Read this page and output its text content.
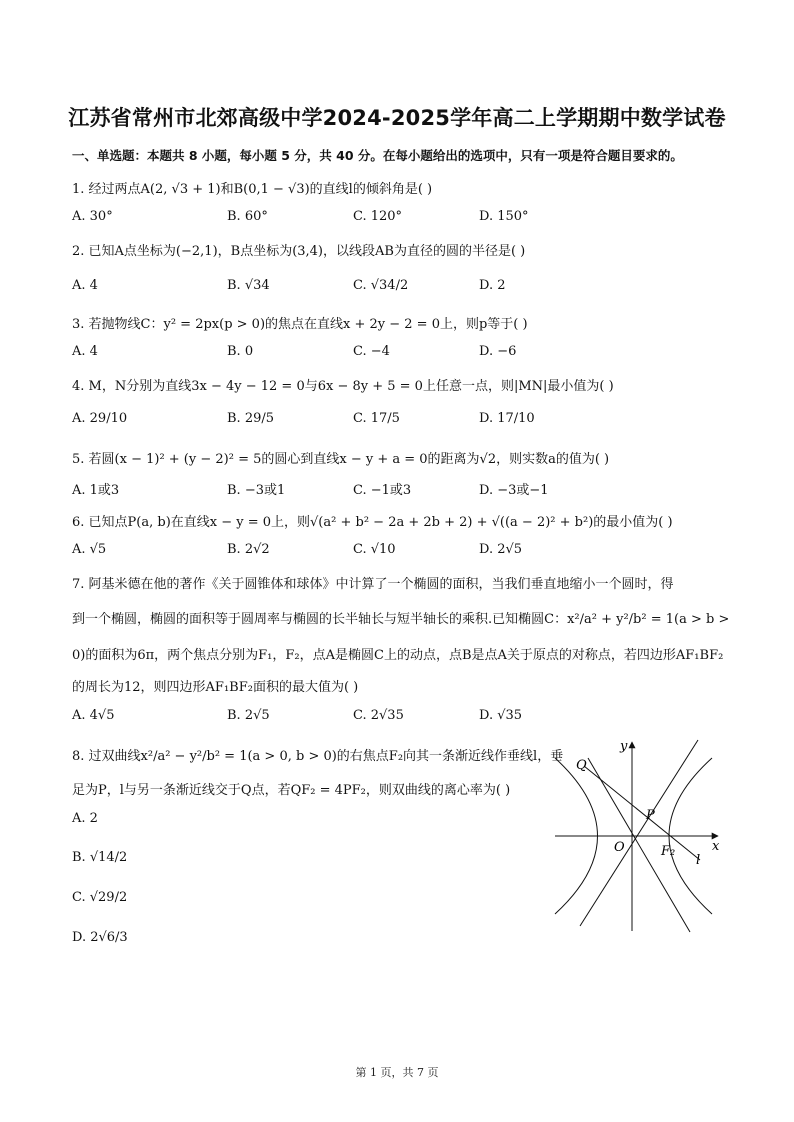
江苏省常州市北郊高级中学2024-2025学年高二上学期期中数学试卷
一、单选题：本题共 8 小题，每小题 5 分，共 40 分。在每小题给出的选项中，只有一项是符合题目要求的。
1. 经过两点A(2, √3 + 1)和B(0,1 − √3)的直线l的倾斜角是( )
A. 30°	B. 60°	C. 120°	D. 150°
2. 已知A点坐标为(−2,1)，B点坐标为(3,4)，以线段AB为直径的圆的半径是( )
A. 4	B. √34	C. √34/2	D. 2
3. 若抛物线C：y² = 2px(p > 0)的焦点在直线x + 2y − 2 = 0上，则p等于( )
A. 4	B. 0	C. −4	D. −6
4. M，N分别为直线3x − 4y − 12 = 0与6x − 8y + 5 = 0上任意一点，则|MN|最小值为( )
A. 29/10	B. 29/5	C. 17/5	D. 17/10
5. 若圆(x − 1)² + (y − 2)² = 5的圆心到直线x − y + a = 0的距离为√2，则实数a的值为( )
A. 1或3	B. −3或1	C. −1或3	D. −3或−1
6. 已知点P(a, b)在直线x − y = 0上，则√(a² + b² − 2a + 2b + 2) + √((a − 2)² + b²)的最小值为( )
A. √5	B. 2√2	C. √10	D. 2√5
7. 阿基米德在他的著作《关于圆锥体和球体》中计算了一个椭圆的面积，当我们垂直地缩小一个圆时，得
到一个椭圆，椭圆的面积等于圆周率与椭圆的长半轴长与短半轴长的乘积.已知椭圆C：x²/a² + y²/b² = 1(a > b >
0)的面积为6π，两个焦点分别为F₁，F₂，点A是椭圆C上的动点，点B是点A关于原点的对称点，若四边形AF₁BF₂
的周长为12，则四边形AF₁BF₂面积的最大值为( )
A. 4√5	B. 2√5	C. 2√35	D. √35
8. 过双曲线x²/a² − y²/b² = 1(a > 0, b > 0)的右焦点F₂向其一条渐近线作垂线l，垂
足为P，l与另一条渐近线交于Q点，若QF₂ = 4PF₂，则双曲线的离心率为( )
A. 2
B. √14/2
C. √29/2
D. 2√6/3
y
x
Q
P
O	F₂
l
第 1 页，共 7 页
